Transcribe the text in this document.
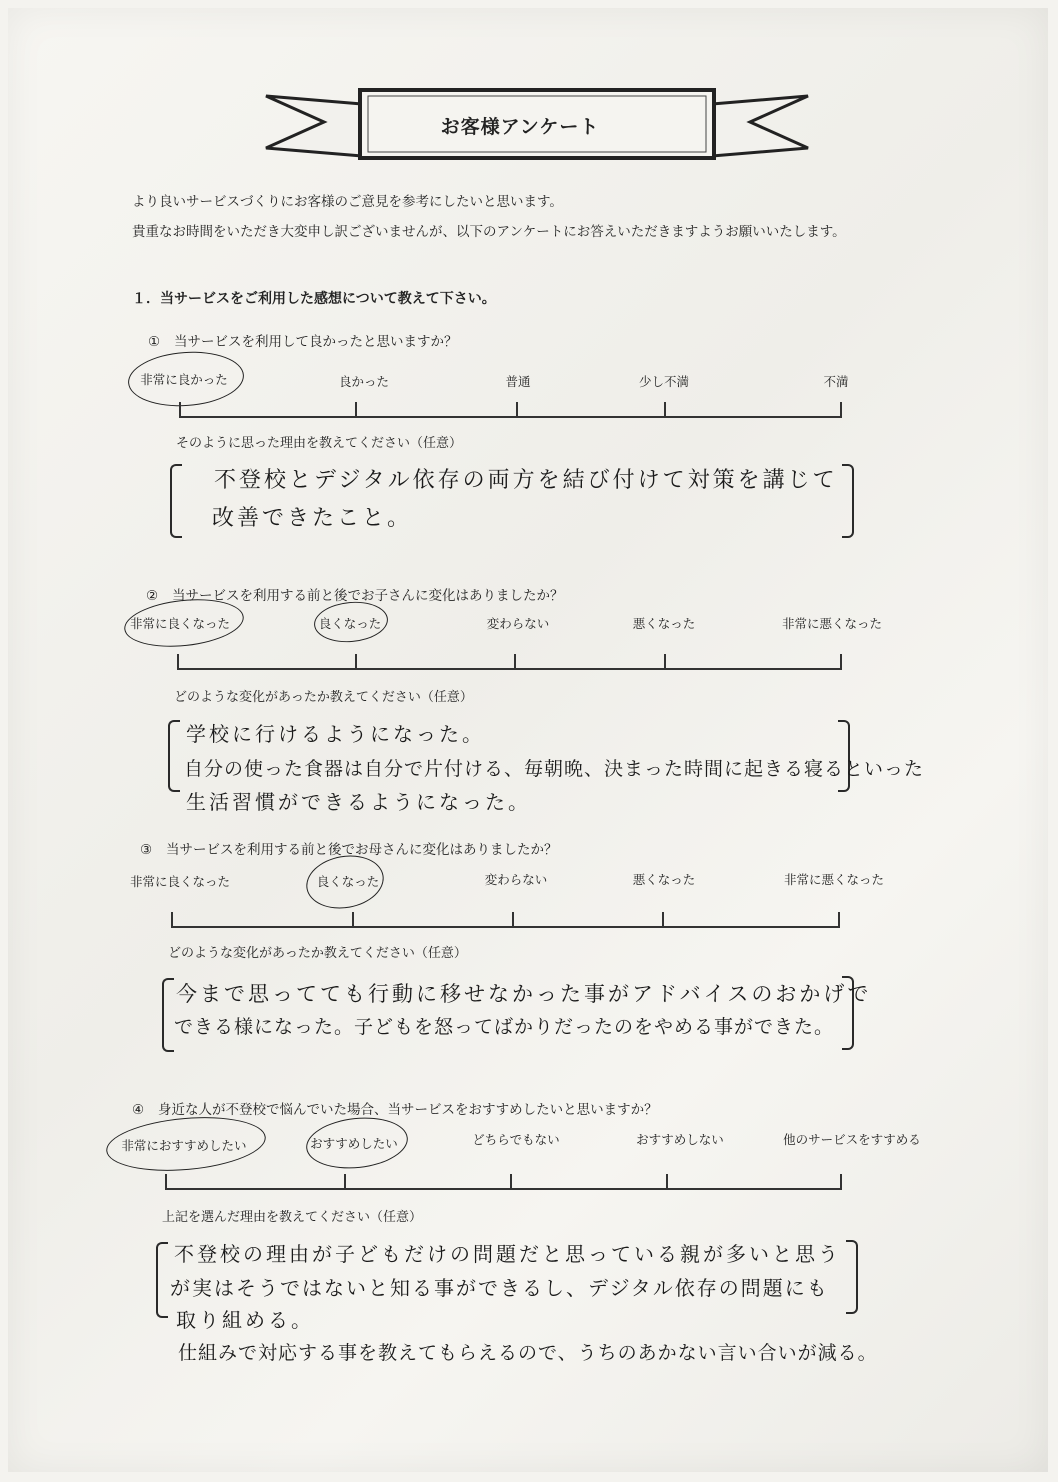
お客様アンケート
より良いサービスづくりにお客様のご意見を参考にしたいと思います。
貴重なお時間をいただき大変申し訳ございませんが、以下のアンケートにお答えいただきますようお願いいたします。
１．当サービスをご利用した感想について教えて下さい。
① 当サービスを利用して良かったと思いますか？
非常に良かった	良かった	普通	少し不満	不満
そのように思った理由を教えてください（任意）
不登校とデジタル依存の両方を結び付けて対策を講じて
改善できたこと。
② 当サービスを利用する前と後でお子さんに変化はありましたか？
非常に良くなった	良くなった	変わらない	悪くなった	非常に悪くなった
どのような変化があったか教えてください（任意）
学校に行けるようになった。
自分の使った食器は自分で片付ける、毎朝晩、決まった時間に起きる寝るといった
生活習慣ができるようになった。
③ 当サービスを利用する前と後でお母さんに変化はありましたか？
非常に良くなった	良くなった	変わらない	悪くなった	非常に悪くなった
どのような変化があったか教えてください（任意）
今まで思ってても行動に移せなかった事がアドバイスのおかげで
できる様になった。子どもを怒ってばかりだったのをやめる事ができた。
④ 身近な人が不登校で悩んでいた場合、当サービスをおすすめしたいと思いますか？
非常におすすめしたい	おすすめしたい	どちらでもない	おすすめしない	他のサービスをすすめる
上記を選んだ理由を教えてください（任意）
不登校の理由が子どもだけの問題だと思っている親が多いと思う
が実はそうではないと知る事ができるし、デジタル依存の問題にも
取り組める。
仕組みで対応する事を教えてもらえるので、うちのあかない言い合いが減る。
